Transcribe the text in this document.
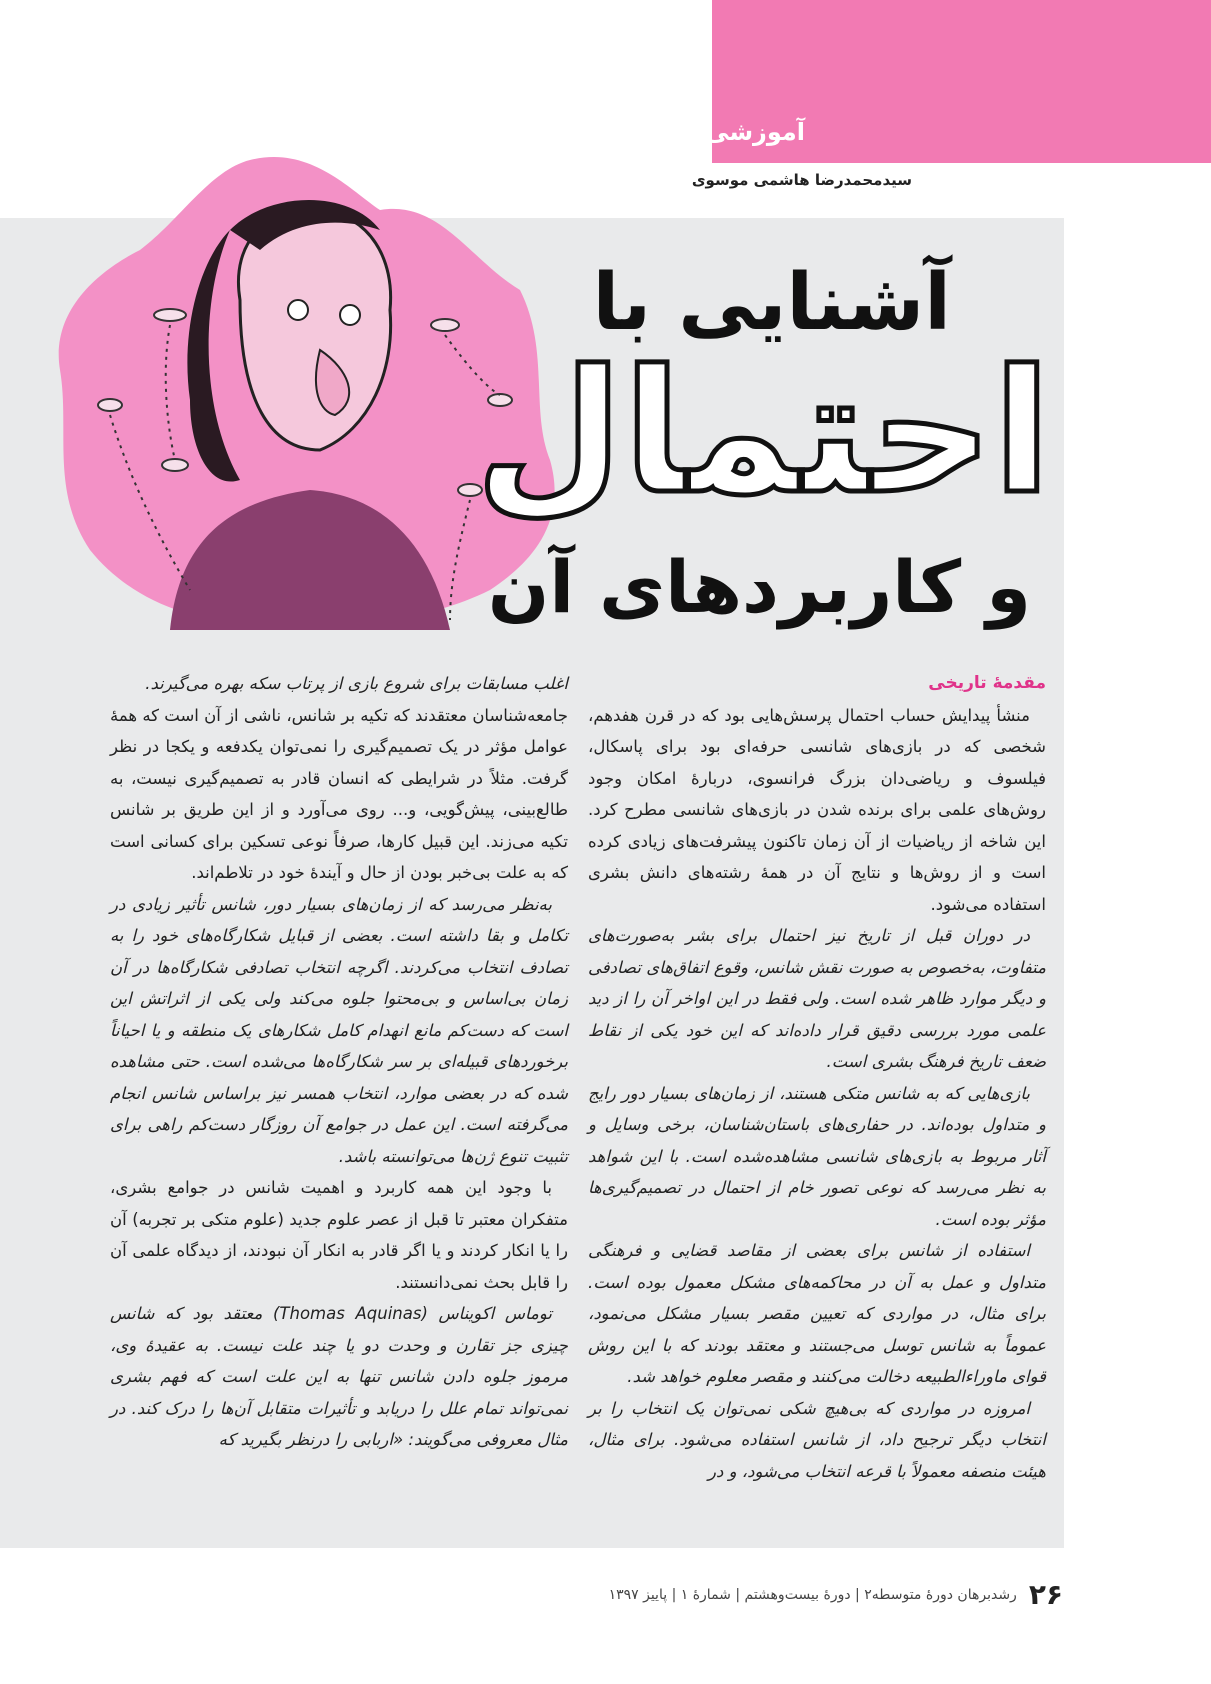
آموزشی
سیدمحمدرضا هاشمی موسوی
آشنایی با
احتمال
و کاربردهای آن

مقدمهٔ تاریخی

منشأ پیدایش حساب احتمال پرسش‌هایی بود که در قرن هفدهم، شخصی که در بازی‌های شانسی حرفه‌ای بود برای پاسکال، فیلسوف و ریاضی‌دان بزرگ فرانسوی، دربارهٔ امکان وجود روش‌های علمی برای برنده شدن در بازی‌های شانسی مطرح کرد. این شاخه از ریاضیات از آن زمان تاکنون پیشرفت‌های زیادی کرده است و از روش‌ها و نتایج آن در همهٔ رشته‌های دانش بشری استفاده می‌شود.

در دوران قبل از تاریخ نیز احتمال برای بشر به‌صورت‌های متفاوت، به‌خصوص به صورت نقش شانس، وقوع اتفاق‌های تصادفی و دیگر موارد ظاهر شده است. ولی فقط در این اواخر آن را از دید علمی مورد بررسی دقیق قرار داده‌اند که این خود یکی از نقاط ضعف تاریخ فرهنگ بشری است.

بازی‌هایی که به شانس متکی هستند، از زمان‌های بسیار دور رایج و متداول بوده‌اند. در حفاری‌های باستان‌شناسان، برخی وسایل و آثار مربوط به بازی‌های شانسی مشاهده‌شده است. با این شواهد به نظر می‌رسد که نوعی تصور خام از احتمال در تصمیم‌گیری‌ها مؤثر بوده است.

استفاده از شانس برای بعضی از مقاصد قضایی و فرهنگی متداول و عمل به آن در محاکمه‌های مشکل معمول بوده است. برای مثال، در مواردی که تعیین مقصر بسیار مشکل می‌نمود، عموماً به شانس توسل می‌جستند و معتقد بودند که با این روش قوای ماوراءالطبیعه دخالت می‌کنند و مقصر معلوم خواهد شد.

امروزه در مواردی که بی‌هیچ شکی نمی‌توان یک انتخاب را بر انتخاب دیگر ترجیح داد، از شانس استفاده می‌شود. برای مثال، هیئت منصفه معمولاً با قرعه انتخاب می‌شود، و در

اغلب مسابقات برای شروع بازی از پرتاب سکه بهره می‌گیرند.

جامعه‌شناسان معتقدند که تکیه بر شانس، ناشی از آن است که همهٔ عوامل مؤثر در یک تصمیم‌گیری را نمی‌توان یکدفعه و یکجا در نظر گرفت. مثلاً در شرایطی که انسان قادر به تصمیم‌گیری نیست، به طالع‌بینی، پیش‌گویی، و... روی می‌آورد و از این طریق بر شانس تکیه می‌زند. این قبیل کارها، صرفاً نوعی تسکین برای کسانی است که به علت بی‌خبر بودن از حال و آیندهٔ خود در تلاطم‌اند.

به‌نظر می‌رسد که از زمان‌های بسیار دور، شانس تأثیر زیادی در تکامل و بقا داشته است. بعضی از قبایل شکارگاه‌های خود را به تصادف انتخاب می‌کردند. اگرچه انتخاب تصادفی شکارگاه‌ها در آن زمان بی‌اساس و بی‌محتوا جلوه می‌کند ولی یکی از اثراتش این است که دست‌کم مانع انهدام کامل شکارهای یک منطقه و یا احیاناً برخوردهای قبیله‌ای بر سر شکارگاه‌ها می‌شده است. حتی مشاهده شده که در بعضی موارد، انتخاب همسر نیز براساس شانس انجام می‌گرفته است. این عمل در جوامع آن روزگار دست‌کم راهی برای تثبیت تنوع ژن‌ها می‌توانسته باشد.

با وجود این همه کاربرد و اهمیت شانس در جوامع بشری، متفکران معتبر تا قبل از عصر علوم جدید (علوم متکی بر تجربه) آن را یا انکار کردند و یا اگر قادر به انکار آن نبودند، از دیدگاه علمی آن را قابل بحث نمی‌دانستند.

توماس اکویناس (Thomas Aquinas) معتقد بود که شانس چیزی جز تقارن و وحدت دو یا چند علت نیست. به عقیدهٔ وی، مرموز جلوه دادن شانس تنها به این علت است که فهم بشری نمی‌تواند تمام علل را دریابد و تأثیرات متقابل آن‌ها را درک کند. در مثال معروفی می‌گویند: «اربابی را درنظر بگیرید که

۲۶
رشدبرهان دورهٔ متوسطه۲ | دورهٔ بیست‌وهشتم | شمارهٔ ۱ | پاییز ۱۳۹۷
